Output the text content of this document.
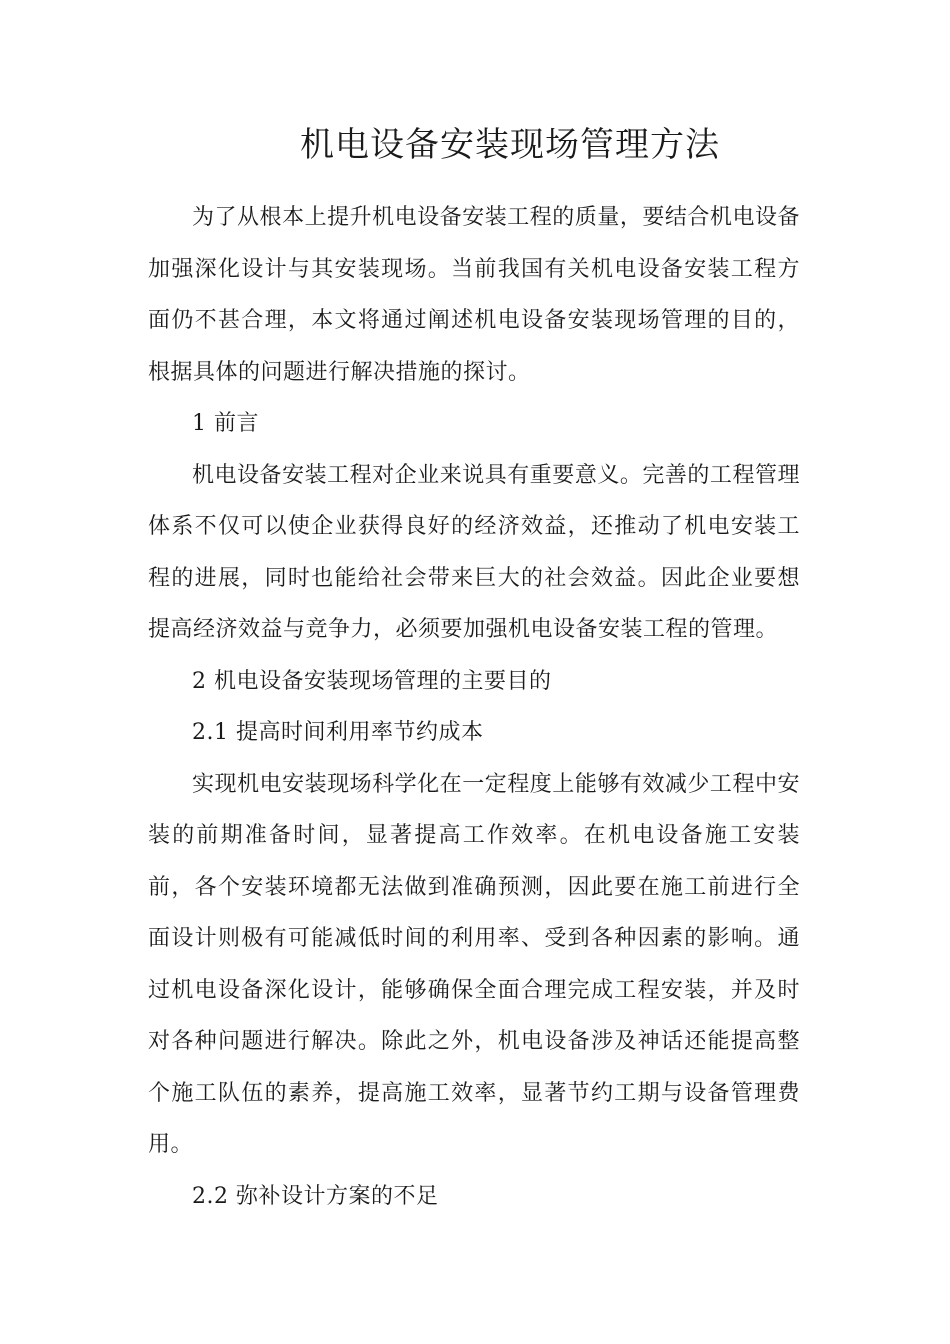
机电设备安装现场管理方法

为了从根本上提升机电设备安装工程的质量，要结合机电设备加强深化设计与其安装现场。当前我国有关机电设备安装工程方面仍不甚合理，本文将通过阐述机电设备安装现场管理的目的，根据具体的问题进行解决措施的探讨。

1 前言

机电设备安装工程对企业来说具有重要意义。完善的工程管理体系不仅可以使企业获得良好的经济效益，还推动了机电安装工程的进展，同时也能给社会带来巨大的社会效益。因此企业要想提高经济效益与竞争力，必须要加强机电设备安装工程的管理。

2 机电设备安装现场管理的主要目的

2.1 提高时间利用率节约成本

实现机电安装现场科学化在一定程度上能够有效减少工程中安装的前期准备时间，显著提高工作效率。在机电设备施工安装前，各个安装环境都无法做到准确预测，因此要在施工前进行全面设计则极有可能减低时间的利用率、受到各种因素的影响。通过机电设备深化设计，能够确保全面合理完成工程安装，并及时对各种问题进行解决。除此之外，机电设备涉及神话还能提高整个施工队伍的素养，提高施工效率，显著节约工期与设备管理费用。

2.2 弥补设计方案的不足
